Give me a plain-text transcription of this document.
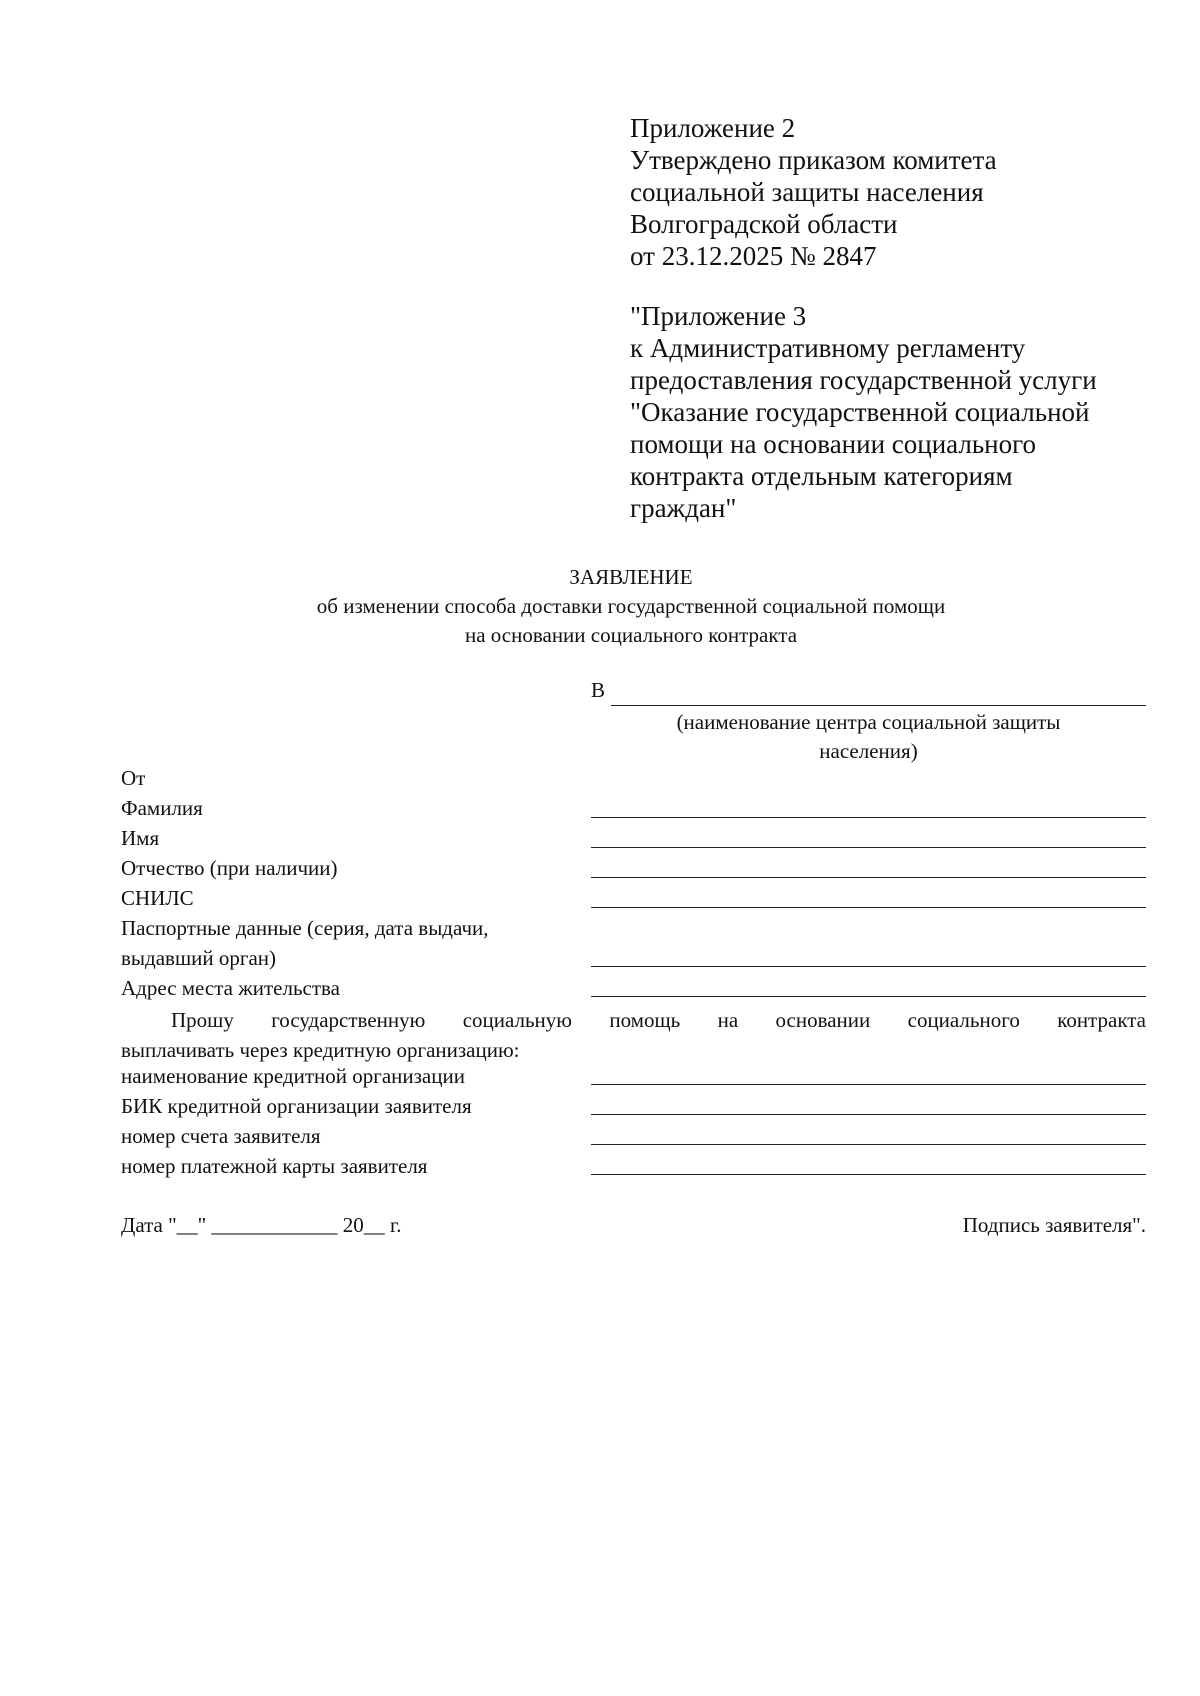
Приложение 2
Утверждено приказом комитета
социальной защиты населения
Волгоградской области
от 23.12.2025 № 2847
"Приложение 3
к Административному регламенту
предоставления государственной услуги
"Оказание государственной социальной
помощи на основании социального
контракта отдельным категориям
граждан"
ЗАЯВЛЕНИЕ
об изменении способа доставки государственной социальной помощи
на основании социального контракта
В
(наименование центра социальной защиты
населения)
От
Фамилия
Имя
Отчество (при наличии)
СНИЛС
Паспортные данные (серия, дата выдачи,
выдавший орган)
Адрес места жительства
Прошу государственную социальную помощь на основании социального контракта
выплачивать через кредитную организацию:
наименование кредитной организации
БИК кредитной организации заявителя
номер счета заявителя
номер платежной карты заявителя
Дата "__" ____________ 20__ г.	Подпись заявителя".
